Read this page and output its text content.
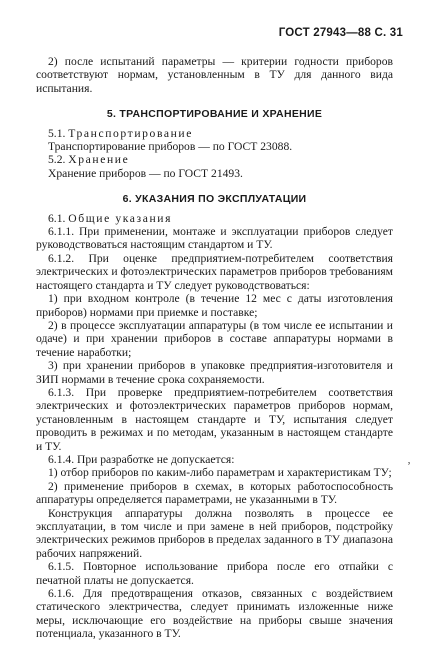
ГОСТ 27943—88 С. 31

2) после испытаний параметры — критерии годности приборов соответствуют нормам, установленным в ТУ для данного вида испытания.

5. ТРАНСПОРТИРОВАНИЕ И ХРАНЕНИЕ

5.1. Транспортирование

Транспортирование приборов — по ГОСТ 23088.

5.2. Хранение

Хранение приборов — по ГОСТ 21493.

6. УКАЗАНИЯ ПО ЭКСПЛУАТАЦИИ

6.1. Общие указания

6.1.1. При применении, монтаже и эксплуатации приборов следует руководствоваться настоящим стандартом и ТУ.

6.1.2. При оценке предприятием-потребителем соответствия электрических и фотоэлектрических параметров приборов требованиям настоящего стандарта и ТУ следует руководствоваться:

1) при входном контроле (в течение 12 мес с даты изготовления приборов) нормами при приемке и поставке;

2) в процессе эксплуатации аппаратуры (в том числе ее испытании и одаче) и при хранении приборов в составе аппаратуры нормами в течение наработки;

3) при хранении приборов в упаковке предприятия-изготовителя и ЗИП нормами в течение срока сохраняемости.

6.1.3. При проверке предприятием-потребителем соответствия электрических и фотоэлектрических параметров приборов нормам, установленным в настоящем стандарте и ТУ, испытания следует проводить в режимах и по методам, указанным в настоящем стандарте и ТУ.

6.1.4. При разработке не допускается:

1) отбор приборов по каким-либо параметрам и характеристикам ТУ;

2) применение приборов в схемах, в которых работоспособность аппаратуры определяется параметрами, не указанными в ТУ.

Конструкция аппаратуры должна позволять в процессе ее эксплуатации, в том числе и при замене в ней приборов, подстройку электрических режимов приборов в пределах заданного в ТУ диапазона рабочих напряжений.

6.1.5. Повторное использование прибора после его отпайки с печатной платы не допускается.

6.1.6. Для предотвращения отказов, связанных с воздействием статического электричества, следует принимать изложенные ниже меры, исключающие его воздействие на приборы свыше значения потенциала, указанного в ТУ.

‚
